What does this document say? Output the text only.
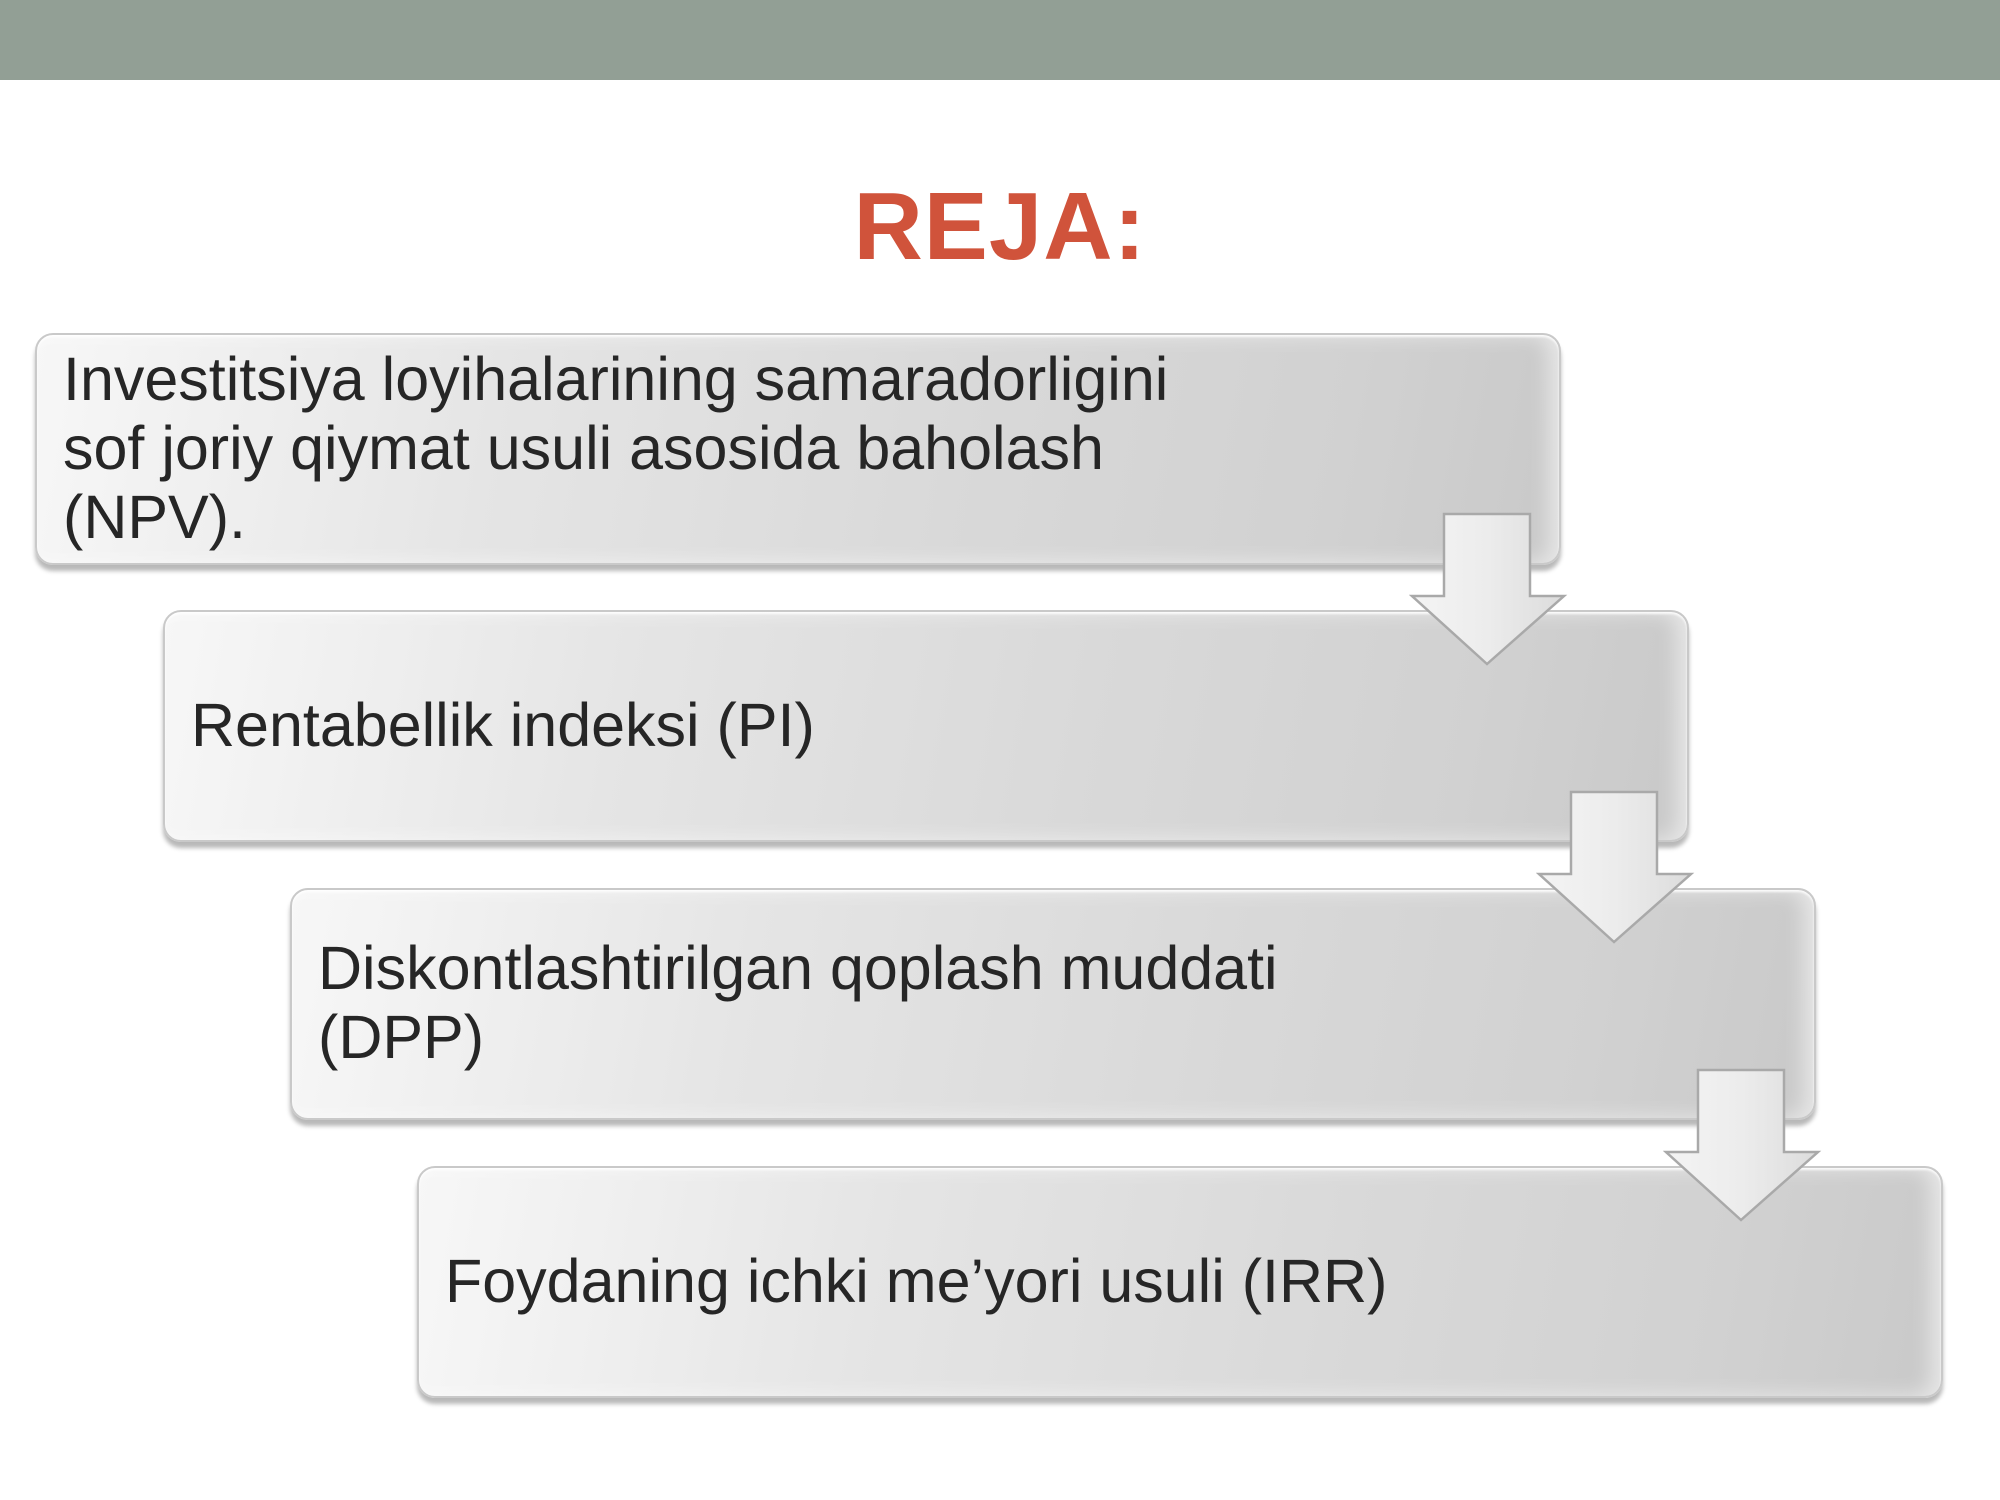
REJA:
Investitsiya loyihalarining samaradorligini
sof joriy qiymat usuli asosida baholash
(NPV).
Rentabellik indeksi (PI)
Diskontlashtirilgan qoplash muddati
(DPP)
Foydaning ichki me’yori usuli (IRR)
